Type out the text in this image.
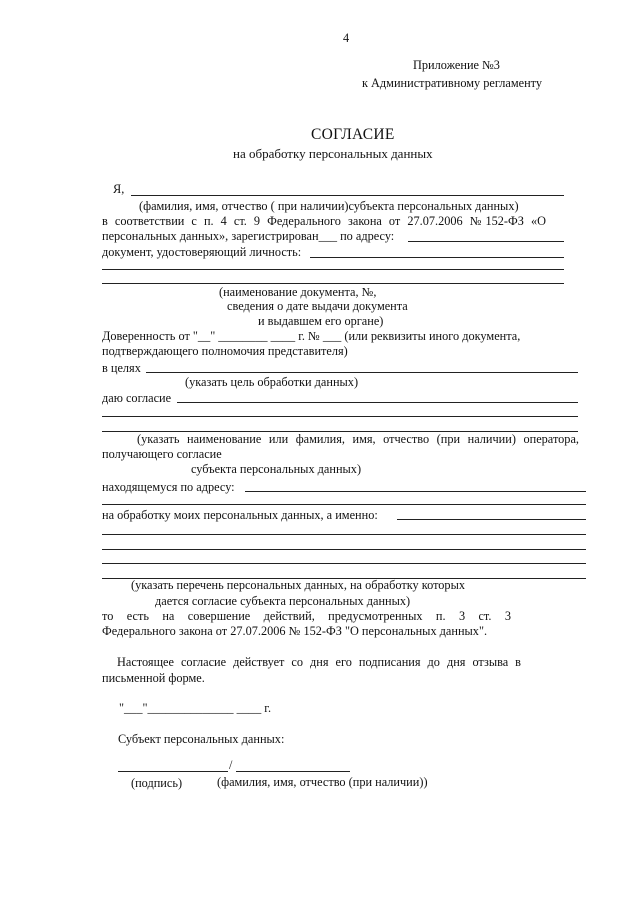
4
Приложение №3
к Административному регламенту
СОГЛАСИЕ
на обработку персональных данных
Я,
(фамилия, имя, отчество ( при наличии)субъекта персональных данных)
в соответствии с п. 4 ст. 9 Федерального закона от 27.07.2006 №152-ФЗ «О
персональных данных», зарегистрирован___ по адресу:
документ, удостоверяющий личность:
(наименование документа, №,
сведения о дате выдачи документа
и выдавшем его органе)
Доверенность от "__" ________ ____ г. № ___ (или реквизиты иного документа,
подтверждающего полномочия представителя)
в целях
(указать цель обработки данных)
даю согласие
(указать наименование или фамилия, имя, отчество (при наличии) оператора,
получающего согласие
субъекта персональных данных)
находящемуся по адресу:
на обработку моих персональных данных, а именно:
(указать перечень персональных данных, на обработку которых
дается согласие субъекта персональных данных)
то есть на совершение действий, предусмотренных п. 3 ст. 3
Федерального закона от 27.07.2006 № 152-ФЗ "О персональных данных".
Настоящее согласие действует со дня его подписания до дня отзыва в
письменной форме.
"___"______________ ____ г.
Субъект персональных данных:
/
(подпись)	(фамилия, имя, отчество (при наличии))
